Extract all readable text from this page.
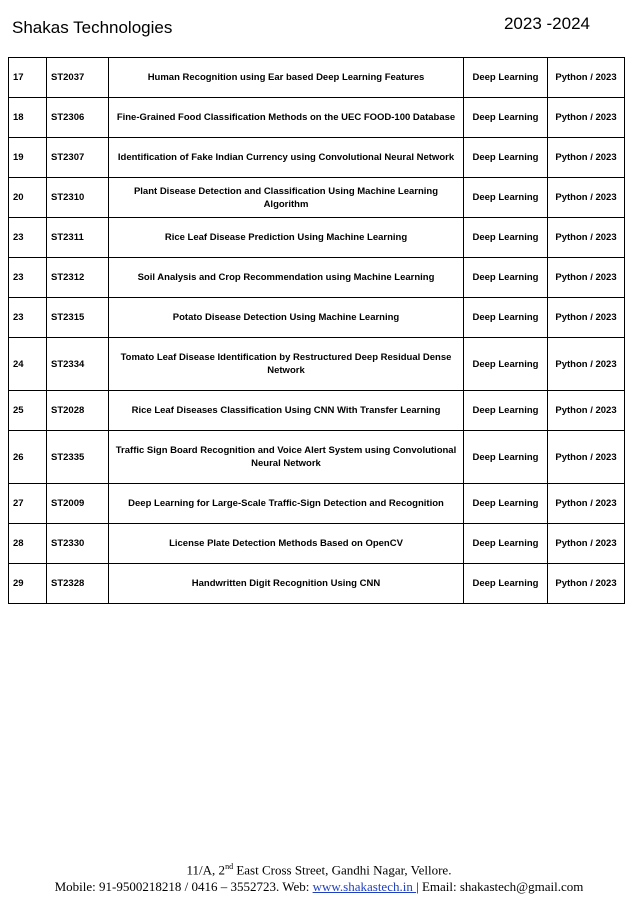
Shakas Technologies	2023 -2024
17	ST2037	Human Recognition using Ear based Deep Learning Features	Deep Learning	Python / 2023
18	ST2306	Fine-Grained Food Classification Methods on the UEC FOOD-100 Database	Deep Learning	Python / 2023
19	ST2307	Identification of Fake Indian Currency using Convolutional Neural Network	Deep Learning	Python / 2023
20	ST2310	Plant Disease Detection and Classification Using Machine Learning Algorithm	Deep Learning	Python / 2023
23	ST2311	Rice Leaf Disease Prediction Using Machine Learning	Deep Learning	Python / 2023
23	ST2312	Soil Analysis and Crop Recommendation using Machine Learning	Deep Learning	Python / 2023
23	ST2315	Potato Disease Detection Using Machine Learning	Deep Learning	Python / 2023
24	ST2334	Tomato Leaf Disease Identification by Restructured Deep Residual Dense Network	Deep Learning	Python / 2023
25	ST2028	Rice Leaf Diseases Classification Using CNN With Transfer Learning	Deep Learning	Python / 2023
26	ST2335	Traffic Sign Board Recognition and Voice Alert System using Convolutional Neural Network	Deep Learning	Python / 2023
27	ST2009	Deep Learning for Large-Scale Traffic-Sign Detection and Recognition	Deep Learning	Python / 2023
28	ST2330	License Plate Detection Methods Based on OpenCV	Deep Learning	Python / 2023
29	ST2328	Handwritten Digit Recognition Using CNN	Deep Learning	Python / 2023
11/A, 2nd East Cross Street, Gandhi Nagar, Vellore.
Mobile: 91-9500218218 / 0416 – 3552723. Web: www.shakastech.in | Email: shakastech@gmail.com
